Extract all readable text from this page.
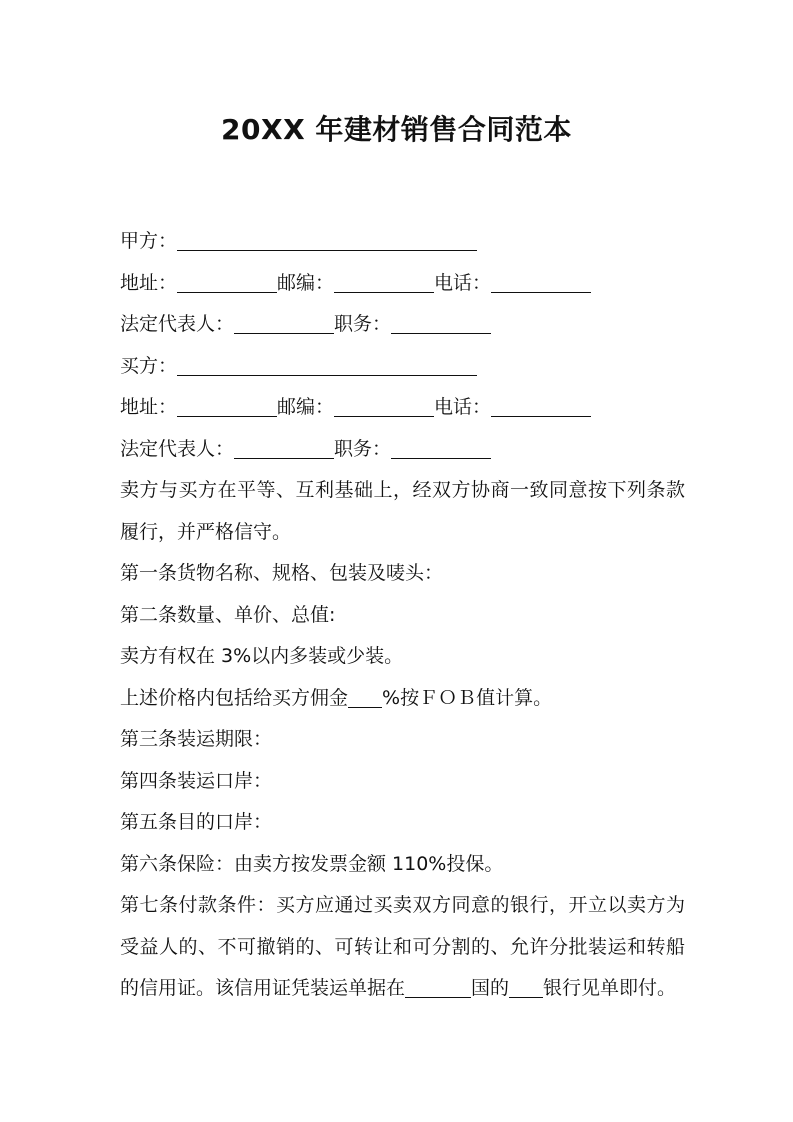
20XX 年建材销售合同范本
甲方：
地址：	邮编：	电话：
法定代表人：	职务：
买方：
地址：	邮编：	电话：
法定代表人：	职务：
卖方与买方在平等、互利基础上，经双方协商一致同意按下列条款履行，并严格信守。
第一条货物名称、规格、包装及唛头：
第二条数量、单价、总值:
卖方有权在 3%以内多装或少装。
上述价格内包括给买方佣金 %按ＦＯＢ值计算。
第三条装运期限：
第四条装运口岸：
第五条目的口岸：
第六条保险：由卖方按发票金额 110%投保。
第七条付款条件：买方应通过买卖双方同意的银行，开立以卖方为受益人的、不可撤销的、可转让和可分割的、允许分批装运和转船的信用证。该信用证凭装运单据在	国的 银行见单即付。
